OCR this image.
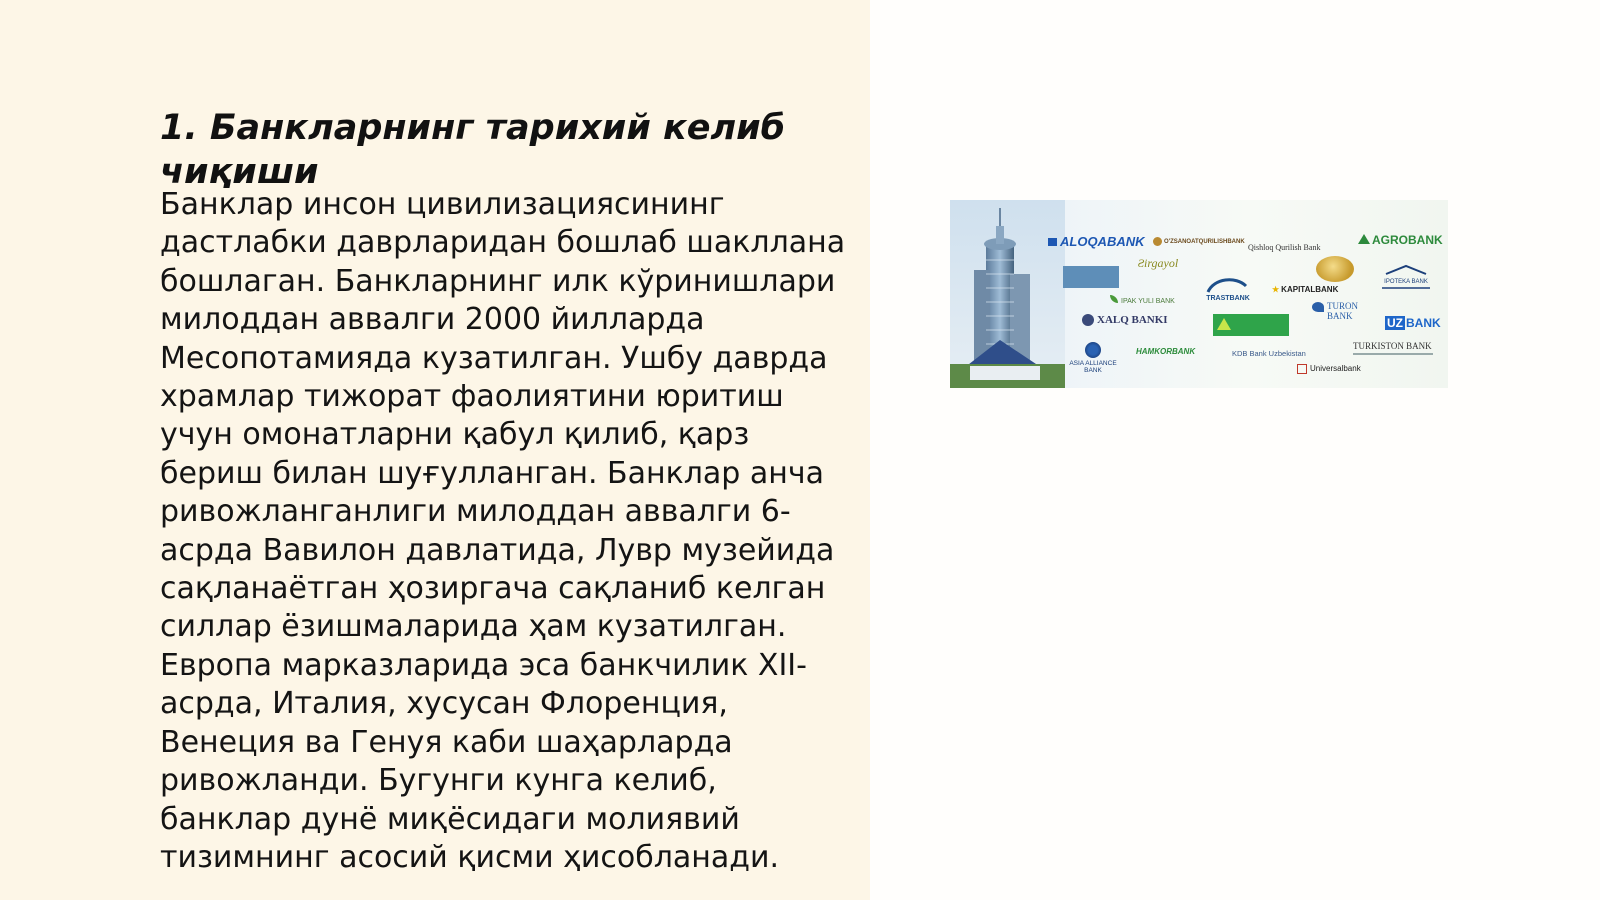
1. Банкларнинг тарихий келиб чиқиши

Банклар инсон цивилизациясининг дастлабки даврларидан бошлаб шакллана бошлаган. Банкларнинг илк кўринишлари милоддан аввалги 2000 йилларда Месопотамияда кузатилган. Ушбу даврда храмлар тижорат фаолиятини юритиш учун омонатларни қабул қилиб, қарз бериш билан шуғулланган. Банклар анча ривожланганлиги милоддан аввалги 6-асрда Вавилон давлатида, Лувр музейида сақланаётган ҳозиргача сақланиб келган силлар ёзишмаларида ҳам кузатилган. Европа марказларида эса банкчилик XII-асрда, Италия, хусусан Флоренция, Венеция ва Генуя каби шаҳарларда ривожланди. Бугунги кунга келиб, банклар дунё миқёсидаги молиявий тизимнинг асосий қисми ҳисобланади.

ALOQABANK	O'ZSANOATQURILISHBANK
Qishloq Qurilish Bank
AGROBANK
Ƨirgayol
IPOTEKA BANK
TRASTBANK
★ KAPITALBANK
IPAK YULI BANK	TURON
BANK
XALQ BANKI	UZ BANK
ASIA ALLIANCE
BANK
HAMKORBANK	KDB Bank Uzbekistan
TURKISTON BANK
Universalbank
